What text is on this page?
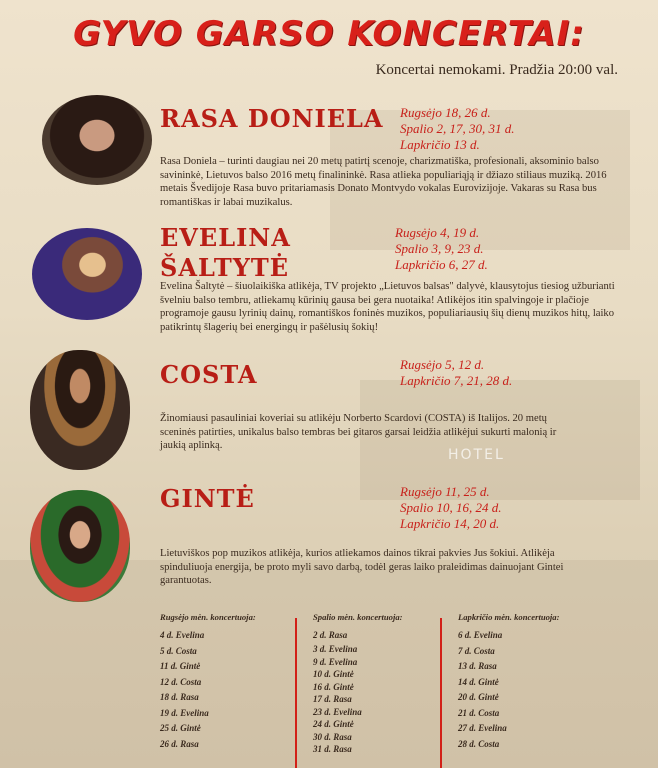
HOTEL
GYVO GARSO KONCERTAI:
Koncertai nemokami. Pradžia 20:00 val.
RASA DONIELA Rugsėjo 18, 26 d.
Spalio 2, 17, 30, 31 d.
Lapkričio 13 d.
Rasa Doniela – turinti daugiau nei 20 metų patirtį scenoje, charizmatiška, profesionali, aksominio balso savininkė, Lietuvos balso 2016 metų finalininkė. Rasa atlieka populiariąją ir džiazo stiliaus muziką. 2016 metais Švedijoje Rasa buvo pritariamasis Donato Montvydo vokalas Eurovizijoje. Vakaras su Rasa bus romantiškas ir labai muzikalus.
EVELINA
ŠALTYTĖ
Rugsėjo 4, 19 d.
Spalio 3, 9, 23 d.
Lapkričio 6, 27 d.
Evelina Šaltytė – šiuolaikiška atlikėja, TV projekto „Lietuvos balsas" dalyvė, klausytojus tiesiog užburianti švelniu balso tembru, atliekamų kūrinių gausa bei gera nuotaika! Atlikėjos itin spalvingoje ir plačioje programoje gausu lyrinių dainų, romantiškos foninės muzikos, populiariausių šių dienų muzikos hitų, laiko patikrintų šlagerių bei energingų ir pašėlusių šokių!
COSTA	Rugsėjo 5, 12 d.
Lapkričio 7, 21, 28 d.
Žinomiausi pasauliniai koveriai su atlikėju Norberto Scardovi (COSTA) iš Italijos. 20 metų sceninės patirties, unikalus balso tembras bei gitaros garsai leidžia atlikėjui sukurti malonią ir jaukią aplinką.
GINTĖ	Rugsėjo 11, 25 d.
Spalio 10, 16, 24 d.
Lapkričio 14, 20 d.
Lietuviškos pop muzikos atlikėja, kurios atliekamos dainos tikrai pakvies Jus šokiui. Atlikėja spinduliuoja energija, be proto myli savo darbą, todėl geras laiko praleidimas dainuojant Gintei garantuotas.
Rugsėjo mėn. koncertuoja:
4 d. Evelina
5 d. Costa
11 d. Gintė
12 d. Costa
18 d. Rasa
19 d. Evelina
25 d. Gintė
26 d. Rasa
Spalio mėn. koncertuoja:
2 d. Rasa
3 d. Evelina
9 d. Evelina
10 d. Gintė
16 d. Gintė
17 d. Rasa
23 d. Evelina
24 d. Gintė
30 d. Rasa
31 d. Rasa
Lapkričio mėn. koncertuoja:
6 d. Evelina
7 d. Costa
13 d. Rasa
14 d. Gintė
20 d. Gintė
21 d. Costa
27 d. Evelina
28 d. Costa
